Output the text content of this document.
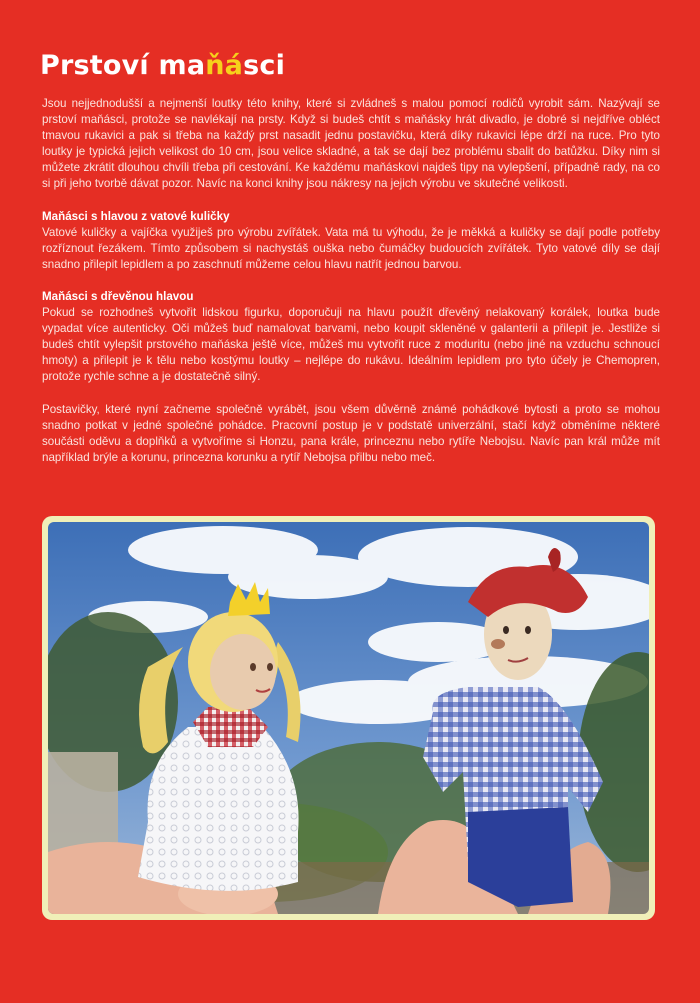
Prstoví maňásci

Jsou nejjednodušší a nejmenší loutky této knihy, které si zvládneš s malou pomocí rodičů vyrobit sám. Nazývají se prstoví maňásci, protože se navlékají na prsty. Když si budeš chtít s maňásky hrát divadlo, je dobré si nejdříve obléct tmavou rukavici a pak si třeba na každý prst nasadit jednu postavičku, která díky rukavici lépe drží na ruce. Pro tyto loutky je typická jejich velikost do 10 cm, jsou velice skladné, a tak se dají bez problému sbalit do batůžku. Díky nim si můžete zkrátit dlouhou chvíli třeba při cestování. Ke každému maňáskovi najdeš tipy na vylepšení, případně rady, na co si při jeho tvorbě dávat pozor. Navíc na konci knihy jsou nákresy na jejich výrobu ve skutečné velikosti.

Maňásci s hlavou z vatové kuličky

Vatové kuličky a vajíčka využiješ pro výrobu zvířátek. Vata má tu výhodu, že je měkká a kuličky se dají podle potřeby rozříznout řezákem. Tímto způsobem si nachystáš ouška nebo čumáčky budoucích zvířátek. Tyto vatové díly se dají snadno přilepit lepidlem a po zaschnutí můžeme celou hlavu natřít jednou barvou.

Maňásci s dřevěnou hlavou

Pokud se rozhodneš vytvořit lidskou figurku, doporučuji na hlavu použít dřevěný nelakovaný korálek, loutka bude vypadat více autenticky. Oči můžeš buď namalovat barvami, nebo koupit skleněné v galanterii a přilepit je. Jestliže si budeš chtít vylepšit prstového maňáska ještě více, můžeš mu vytvořit ruce z moduritu (nebo jiné na vzduchu schnoucí hmoty) a přilepit je k tělu nebo kostýmu loutky – nejlépe do rukávu. Ideálním lepidlem pro tyto účely je Chemopren, protože rychle schne a je dostatečně silný.

Postavičky, které nyní začneme společně vyrábět, jsou všem důvěrně známé pohádkové bytosti a proto se mohou snadno potkat v jedné společné pohádce. Pracovní postup je v podstatě univerzální, stačí když obměníme některé součásti oděvu a doplňků a vytvoříme si Honzu, pana krále, princeznu nebo rytíře Nebojsu. Navíc pan král může mít například brýle a korunu, princezna korunku a rytíř Nebojsa přilbu nebo meč.
